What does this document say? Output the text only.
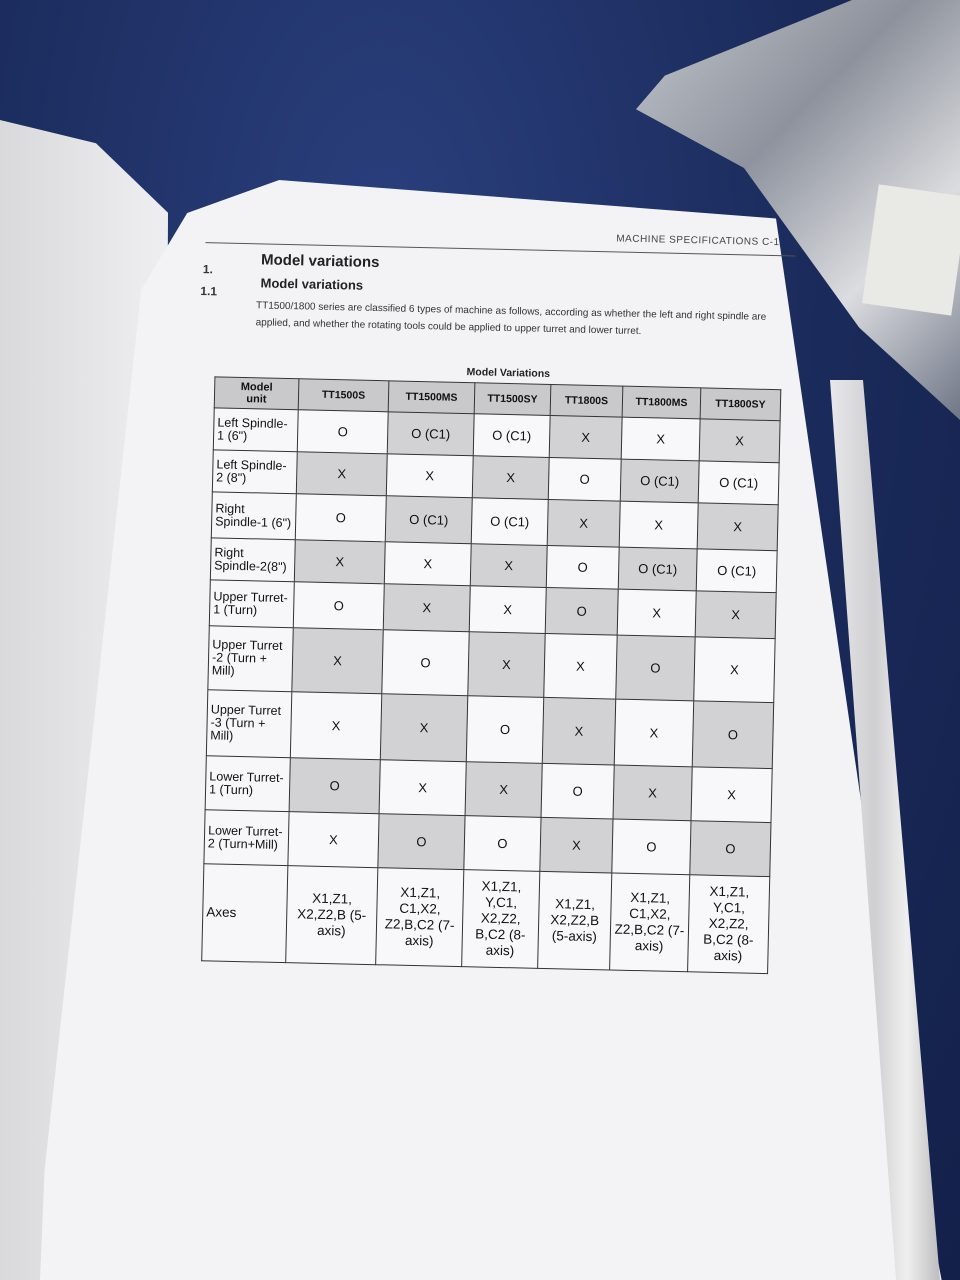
MACHINE SPECIFICATIONS C-1
1.
1.1
Model variations
Model variations
TT1500/1800 series are classified 6 types of machine as follows, according as whether the left and right spindle are applied, and whether the rotating tools could be applied to upper turret and lower turret.
Model Variations
Model
unit	TT1500S	TT1500MS	TT1500SY	TT1800S	TT1800MS	TT1800SY
Left Spindle-1 (6")	O	O (C1)	O (C1)	X	X	X
Left Spindle-2 (8")	X	X	X	O	O (C1)	O (C1)
Right Spindle-1 (6")	O	O (C1)	O (C1)	X	X	X
Right Spindle-2(8")	X	X	X	O	O (C1)	O (C1)
Upper Turret-1 (Turn)	O	X	X	O	X	X
Upper Turret -2 (Turn + Mill)	X	O	X	X	O	X
Upper Turret -3 (Turn + Mill)	X	X	O	X	X	O
Lower Turret-1 (Turn)	O	X	X	O	X	X
Lower Turret-2 (Turn+Mill)	X	O	O	X	O	O
Axes	X1,Z1, X2,Z2,B (5-axis)	X1,Z1, C1,X2, Z2,B,C2 (7-axis)	X1,Z1, Y,C1, X2,Z2, B,C2 (8-axis)	X1,Z1, X2,Z2,B (5-axis)	X1,Z1, C1,X2, Z2,B,C2 (7-axis)	X1,Z1, Y,C1, X2,Z2, B,C2 (8-axis)
